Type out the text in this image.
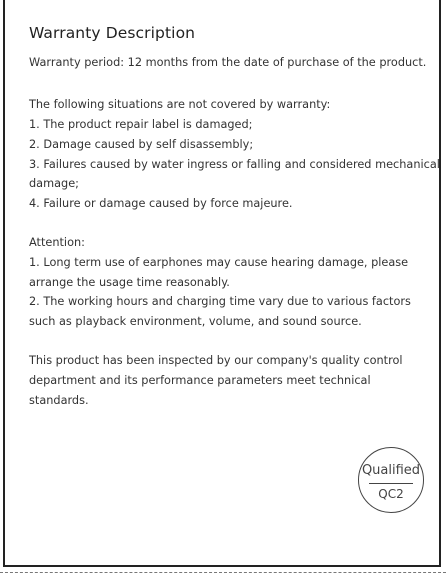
Warranty Description
Warranty period: 12 months from the date of purchase of the product.
The following situations are not covered by warranty:
1. The product repair label is damaged;
2. Damage caused by self disassembly;
3. Failures caused by water ingress or falling and considered mechanical
damage;
4. Failure or damage caused by force majeure.
Attention:
1. Long term use of earphones may cause hearing damage, please
arrange the usage time reasonably.
2. The working hours and charging time vary due to various factors
such as playback environment, volume, and sound source.
This product has been inspected by our company's quality control
department and its performance parameters meet technical
standards.
Qualified
QC2
